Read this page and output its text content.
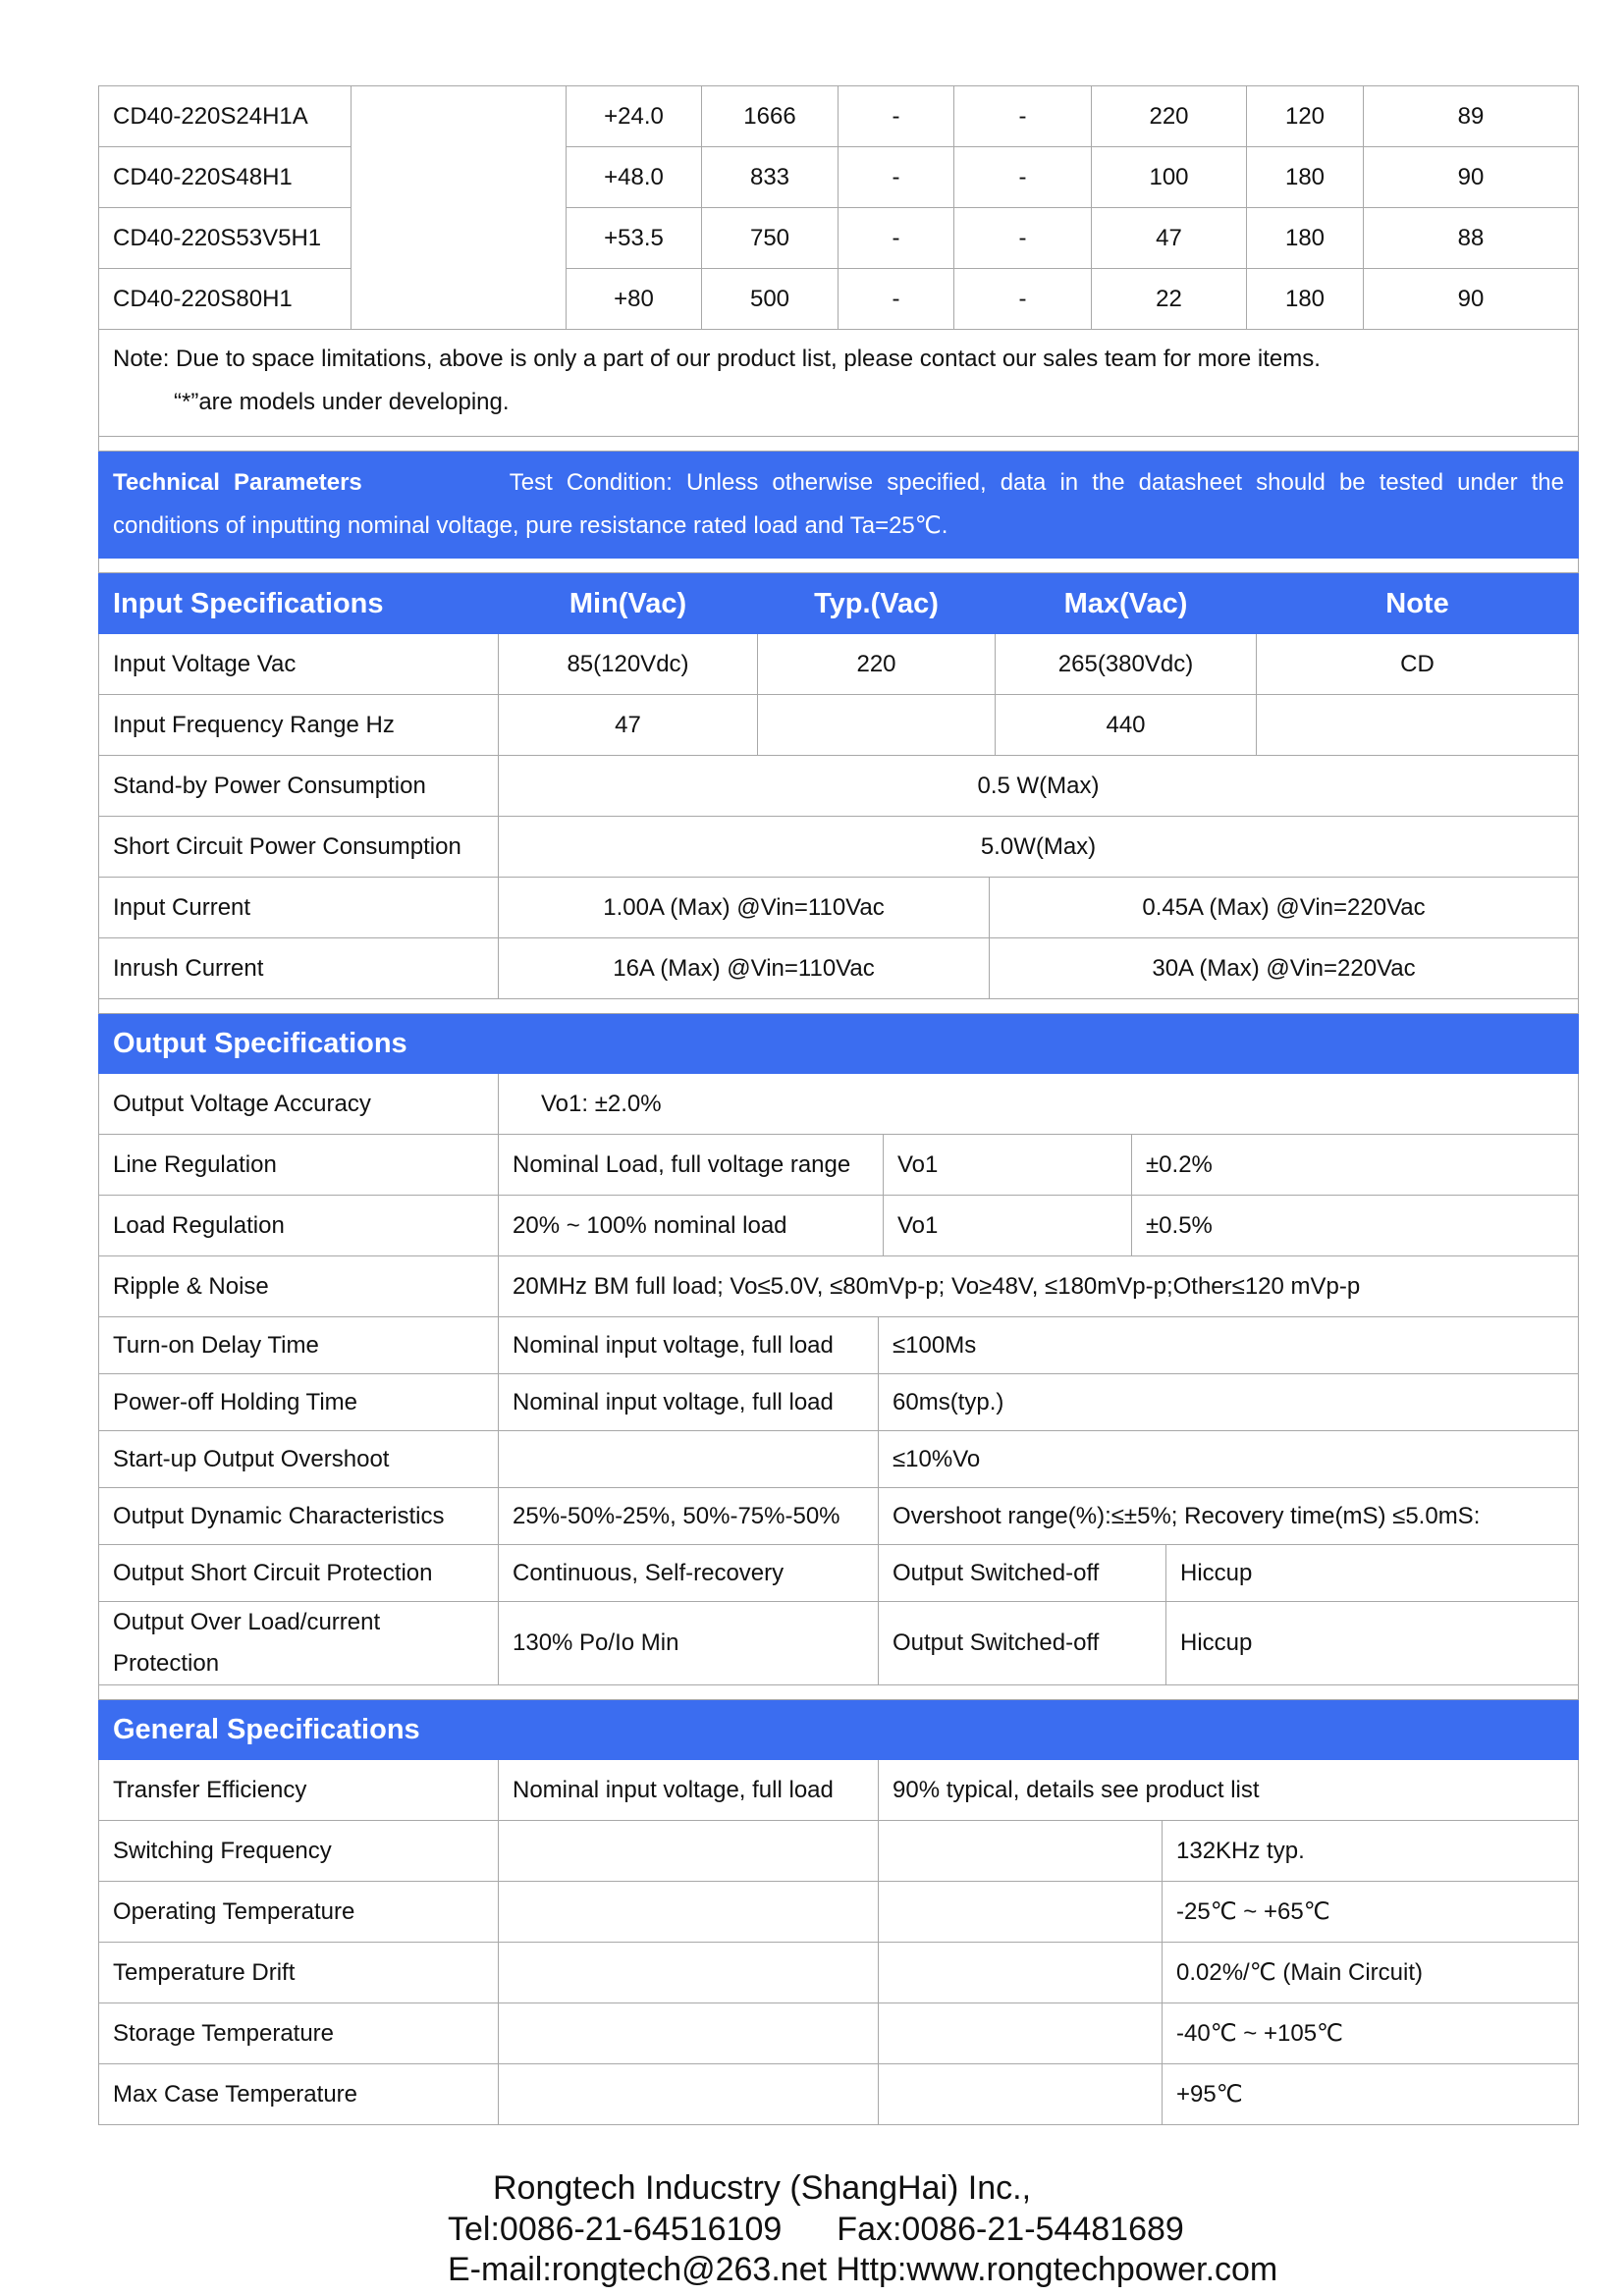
CD40-220S24H1A		+24.0	1666	-	-	220	120	89
CD40-220S48H1		+48.0	833	-	-	100	180	90
CD40-220S53V5H1		+53.5	750	-	-	47	180	88
CD40-220S80H1		+80	500	-	-	22	180	90
Note: Due to space limitations, above is only a part of our product list, please contact our sales team for more items.
“*”are models under developing.								

Technical Parameters Test Condition: Unless otherwise specified, data in the datasheet should be tested under the conditions of inputting nominal voltage, pure resistance rated load and Ta=25℃.								

Input Specifications	Min(Vac)	Typ.(Vac)	Max(Vac)	Note
Input Voltage Vac	85(120Vdc)	220	265(380Vdc)	CD
Input Frequency Range Hz	47		440	
Stand-by Power Consumption	0.5 W(Max)			
Short Circuit Power Consumption	5.0W(Max)			
Input Current	1.00A (Max) @Vin=110Vac	0.45A (Max) @Vin=220Vac
Inrush Current	16A (Max) @Vin=110Vac	30A (Max) @Vin=220Vac

Output Specifications		
Output Voltage Accuracy	Vo1: ±2.0%		
Line Regulation	Nominal Load, full voltage range	Vo1	±0.2%
Load Regulation	20% ~ 100% nominal load	Vo1	±0.5%
Ripple & Noise	20MHz BM full load; Vo≤5.0V, ≤80mVp-p; Vo≥48V, ≤180mVp-p;Other≤120 mVp-p		
Turn-on Delay Time	Nominal input voltage, full load	≤100Ms	
Power-off Holding Time	Nominal input voltage, full load	60ms(typ.)	
Start-up Output Overshoot		≤10%Vo	
Output Dynamic Characteristics	25%-50%-25%, 50%-75%-50%	Overshoot range(%):≤±5%; Recovery time(mS) ≤5.0mS:	
Output Short Circuit Protection	Continuous, Self-recovery	Output Switched-off	Hiccup
Output Over Load/current Protection	130% Po/Io Min	Output Switched-off	Hiccup

General Specifications			
Transfer Efficiency	Nominal input voltage, full load	90% typical, details see product list	
Switching Frequency			132KHz typ.
Operating Temperature			-25℃ ~ +65℃
Temperature Drift			0.02%/℃ (Main Circuit)
Storage Temperature			-40℃ ~ +105℃
Max Case Temperature			+95℃
Rongtech Inducstry (ShangHai) Inc.,
Tel:0086-21-64516109 Fax:0086-21-54481689
E-mail:rongtech@263.net Http:www.rongtechpower.com
